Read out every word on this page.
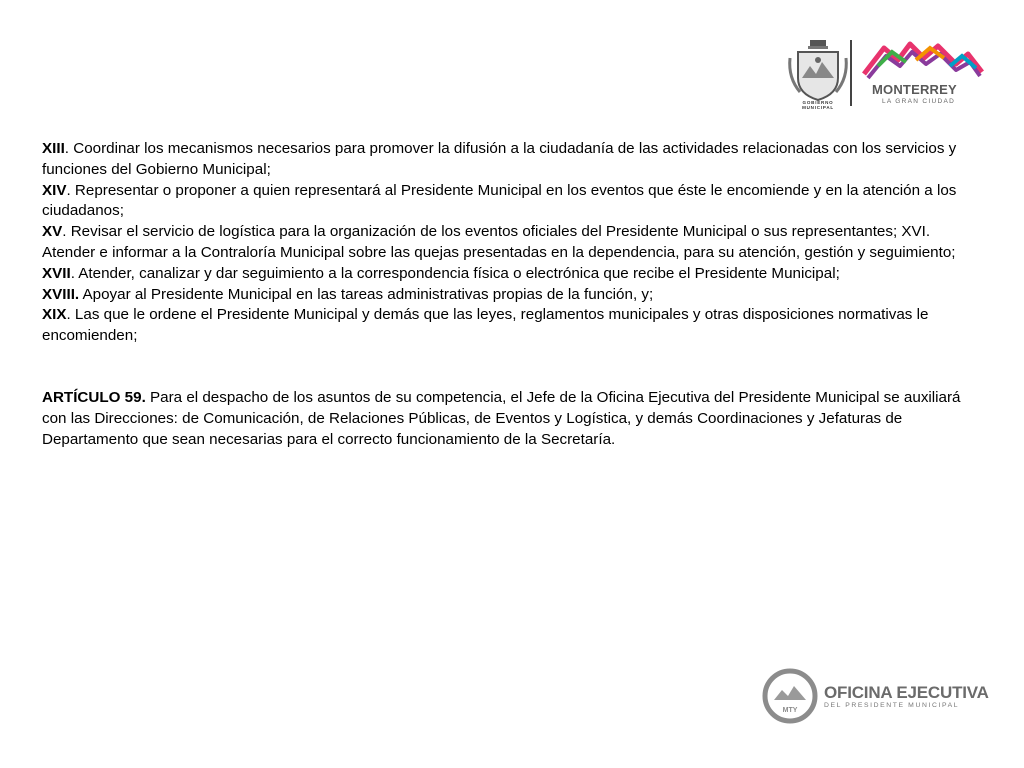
GOBIERNO MUNICIPAL
MONTERREY
LA GRAN CIUDAD

XIII. Coordinar los mecanismos necesarios para promover la difusión a la ciudadanía de las actividades relacionadas con los servicios y funciones del Gobierno Municipal;

XIV. Representar o proponer a quien representará al Presidente Municipal en los eventos que éste le encomiende y en la atención a los ciudadanos;

XV. Revisar el servicio de logística para la organización de los eventos oficiales del Presidente Municipal o sus representantes; XVI. Atender e informar a la Contraloría Municipal sobre las quejas presentadas en la dependencia, para su atención, gestión y seguimiento;

XVII. Atender, canalizar y dar seguimiento a la correspondencia física o electrónica que recibe el Presidente Municipal;

XVIII. Apoyar al Presidente Municipal en las tareas administrativas propias de la función, y;

XIX. Las que le ordene el Presidente Municipal y demás que las leyes, reglamentos municipales y otras disposiciones normativas le encomienden;

ARTÍCULO 59. Para el despacho de los asuntos de su competencia, el Jefe de la Oficina Ejecutiva del Presidente Municipal se auxiliará con las Direcciones: de Comunicación, de Relaciones Públicas, de Eventos y Logística, y demás Coordinaciones y Jefaturas de Departamento que sean necesarias para el correcto funcionamiento de la Secretaría.

MTY
OFICINA EJECUTIVA
DEL PRESIDENTE MUNICIPAL
